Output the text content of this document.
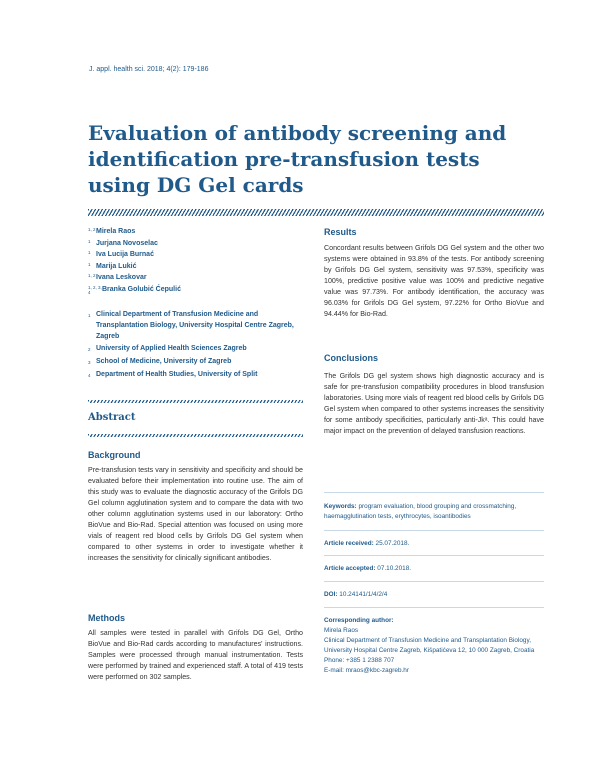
J. appl. health sci. 2018; 4(2): 179-186
Evaluation of antibody screening and identification pre-transfusion tests using DG Gel cards
1, 2 Mirela Raos
1 Jurjana Novoselac
1 Iva Lucija Burnać
1 Marija Lukić
1, 2 Ivana Leskovar
1, 2, 3, 4	Branka Golubić Ćepulić
1 Clinical Department of Transfusion Medicine and Transplantation Biology, University Hospital Centre Zagreb, Zagreb
2 University of Applied Health Sciences Zagreb
3 School of Medicine, University of Zagreb
4 Department of Health Studies, University of Split
Abstract
Background

Pre-transfusion tests vary in sensitivity and specificity and should be evaluated before their implementation into routine use. The aim of this study was to evaluate the diagnostic accuracy of the Grifols DG Gel column agglutination system and to compare the data with two other column agglutination systems used in our laboratory: Ortho BioVue and Bio-Rad. Special attention was focused on using more vials of reagent red blood cells by Grifols DG Gel system when compared to other systems in order to investigate whether it increases the sensitivity for clinically significant antibodies.

Methods

All samples were tested in parallel with Grifols DG Gel, Ortho BioVue and Bio-Rad cards according to manufactures' instructions. Samples were processed through manual instrumentation. Tests were performed by trained and experienced staff. A total of 419 tests were performed on 302 samples.

Results

Concordant results between Grifols DG Gel system and the other two systems were obtained in 93.8% of the tests. For antibody screening by Grifols DG Gel system, sensitivity was 97.53%, specificity was 100%, predictive positive value was 100% and predictive negative value was 97.73%. For antibody identification, the accuracy was 96.03% for Grifols DG Gel system, 97.22% for Ortho BioVue and 94.44% for Bio-Rad.

Conclusions

The Grifols DG gel system shows high diagnostic accuracy and is safe for pre-transfusion compatibility procedures in blood transfusion laboratories. Using more vials of reagent red blood cells by Grifols DG Gel system when compared to other systems increases the sensitivity for some antibody specificities, particularly anti-Jkᵃ. This could have major impact on the prevention of delayed transfusion reactions.

Keywords: program evaluation, blood grouping and crossmatching, haemagglutination tests, erythrocytes, isoantibodies
Article received: 25.07.2018.
Article accepted: 07.10.2018.
DOI: 10.24141/1/4/2/4
Corresponding author:
Mirela Raos
Clinical Department of Transfusion Medicine and Transplantation Biology, University Hospital Centre Zagreb, Kišpatićeva 12, 10 000 Zagreb, Croatia
Phone: +385 1 2388 707
E-mail: mraos@kbc-zagreb.hr
